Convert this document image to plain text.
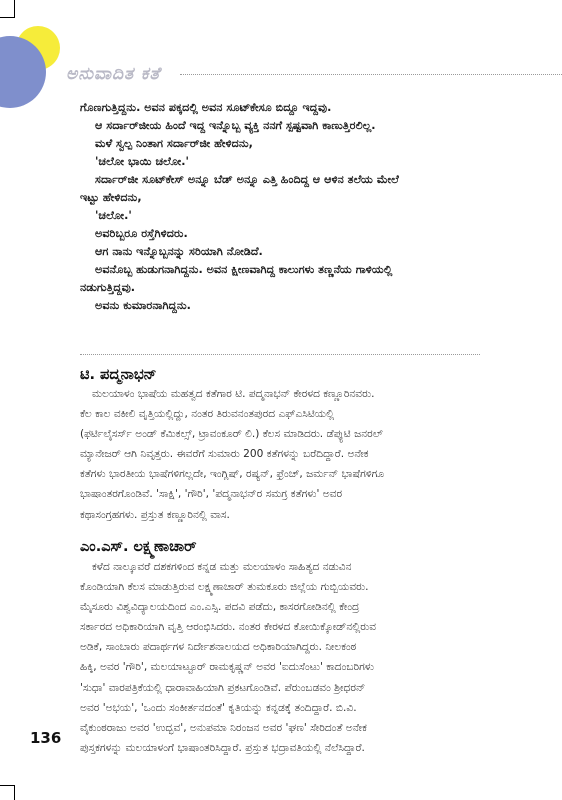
ಅನುವಾದಿತ ಕತೆ

ಗೊಣಗುತ್ತಿದ್ದನು. ಅವನ ಪಕ್ಕದಲ್ಲಿ ಅವನ ಸೂಟ್‍ಕೇಸೂ ಬಿದ್ದೂ ಇದ್ದವು.

ಆ ಸರ್ದಾರ್‌ಜೀಯ ಹಿಂದೆ ಇದ್ದ ಇನ್ನೊಬ್ಬ ವ್ಯಕ್ತಿ ನನಗೆ ಸ್ಪಷ್ಟವಾಗಿ ಕಾಣುತ್ತಿರಲಿಲ್ಲ.

ಮಳೆ ಸ್ವಲ್ಪ ನಿಂತಾಗ ಸರ್ದಾರ್‌ಜೀ ಹೇಳಿದನು,

'ಚಲೋ ಭಾಯಿ ಚಲೋ.'

ಸರ್ದಾರ್‌ಜೀ ಸೂಟ್‍ಕೇಸ್ ಅನ್ನೂ ಬೆಡ್ ಅನ್ನೂ ಎತ್ತಿ ಹಿಂದಿದ್ದ ಆ ಆಳಿನ ತಲೆಯ ಮೇಲೆ

ಇಟ್ಟು ಹೇಳಿದನು,

'ಚಲೋ.'

ಅವರಿಬ್ಬರೂ ರಸ್ತೆಗಿಳಿದರು.

ಆಗ ನಾನು ಇನ್ನೊಬ್ಬನನ್ನು ಸರಿಯಾಗಿ ನೋಡಿದೆ.

ಅವನೊಬ್ಬ ಹುಡುಗನಾಗಿದ್ದನು. ಅವನ ಕ್ಷೀಣವಾಗಿದ್ದ ಕಾಲುಗಳು ತಣ್ಣನೆಯ ಗಾಳಿಯಲ್ಲಿ

ನಡುಗುತ್ತಿದ್ದವು.

ಅವನು ಕುಮಾರನಾಗಿದ್ದನು.

ಟಿ. ಪದ್ಮನಾಭನ್

ಮಲಯಾಳಂ ಭಾಷೆಯ ಮಹತ್ವದ ಕತೆಗಾರ ಟಿ. ಪದ್ಮನಾಭನ್ ಕೇರಳದ ಕಣ್ಣೂರಿನವರು.

ಕೆಲ ಕಾಲ ವಕೀಲಿ ವೃತ್ತಿಯಲ್ಲಿದ್ದು, ನಂತರ ತಿರುವನಂತಪುರದ ಎಫ್‌ಎಸಿಟಿಯಲ್ಲಿ

(ಫರ್ಟಿಲೈಸರ್ಸ್ ಅಂಡ್ ಕೆಮಿಕಲ್ಸ್, ಟ್ರಾವಂಕೂರ್ ಲಿ.) ಕೆಲಸ ಮಾಡಿದರು. ಡೆಪ್ಯುಟಿ ಜನರಲ್

ಮ್ಯಾನೇಜರ್ ಆಗಿ ನಿವೃತ್ತರು. ಈವರೆಗೆ ಸುಮಾರು 200 ಕತೆಗಳನ್ನು ಬರೆದಿದ್ದಾರೆ. ಅನೇಕ

ಕತೆಗಳು ಭಾರತೀಯ ಭಾಷೆಗಳಿಗಲ್ಲದೇ, ಇಂಗ್ಲಿಷ್, ರಷ್ಯನ್, ಫ್ರೆಂಚ್, ಜರ್ಮನ್ ಭಾಷೆಗಳಿಗೂ

ಭಾಷಾಂತರಗೊಂಡಿವೆ. 'ಸಾಕ್ಷಿ', 'ಗೌರಿ', 'ಪದ್ಮನಾಭನ್‌ರ ಸಮಗ್ರ ಕತೆಗಳು' ಅವರ

ಕಥಾಸಂಗ್ರಹಗಳು. ಪ್ರಸ್ತುತ ಕಣ್ಣೂರಿನಲ್ಲಿ ವಾಸ.

ಎಂ.ಎಸ್. ಲಕ್ಷ್ಮಣಾಚಾರ್

ಕಳೆದ ನಾಲ್ಕೂವರೆ ದಶಕಗಳಿಂದ ಕನ್ನಡ ಮತ್ತು ಮಲಯಾಳಂ ಸಾಹಿತ್ಯದ ನಡುವಿನ

ಕೊಂಡಿಯಾಗಿ ಕೆಲಸ ಮಾಡುತ್ತಿರುವ ಲಕ್ಷ್ಮಣಾಚಾರ್ ತುಮಕೂರು ಜಿಲ್ಲೆಯ ಗುಬ್ಬಿಯವರು.

ಮೈಸೂರು ವಿಶ್ವವಿದ್ಯಾಲಯದಿಂದ ಎಂ.ಎಸ್ಸಿ. ಪದವಿ ಪಡೆದು, ಕಾಸರಗೋಡಿನಲ್ಲಿ ಕೇಂದ್ರ

ಸರ್ಕಾರದ ಅಧಿಕಾರಿಯಾಗಿ ವೃತ್ತಿ ಆರಂಭಿಸಿದರು. ನಂತರ ಕೇರಳದ ಕೋಯಿಕ್ಕೋಡ್‌ನಲ್ಲಿರುವ

ಅಡಿಕೆ, ಸಾಂಬಾರು ಪದಾರ್ಥಗಳ ನಿರ್ದೇಶನಾಲಯದ ಅಧಿಕಾರಿಯಾಗಿದ್ದರು. ನೀಲಕಂಠ

ಹಿಕ್ಕಿ, ಅವರ 'ಗೌರಿ', ಮಲಯಾಟ್ಟೂರ್ ರಾಮಕೃಷ್ಣನ್ ಅವರ 'ಐದುಸೆಂಟು' ಕಾದಂಬರಿಗಳು

'ಸುಧಾ' ವಾರಪತ್ರಿಕೆಯಲ್ಲಿ ಧಾರಾವಾಹಿಯಾಗಿ ಪ್ರಕಟಗೊಂಡಿವೆ. ಪೆರುಂಬಡವಂ ಶ್ರೀಧರನ್

ಅವರ 'ಅಭಯ', 'ಒಂದು ಸಂಕೀರ್ತನದಂತೆ' ಕೃತಿಯನ್ನು ಕನ್ನಡಕ್ಕೆ ತಂದಿದ್ದಾರೆ. ಬಿ.ವಿ.

ವೈಕುಂಠರಾಜು ಅವರ 'ಉದ್ಭವ', ಅನುಪಮಾ ನಿರಂಜನ ಅವರ 'ಘಣ' ಸೇರಿದಂತೆ ಅನೇಕ

ಪುಸ್ತಕಗಳನ್ನು ಮಲಯಾಳಂಗೆ ಭಾಷಾಂತರಿಸಿದ್ದಾರೆ. ಪ್ರಸ್ತುತ ಭದ್ರಾವತಿಯಲ್ಲಿ ನೆಲೆಸಿದ್ದಾರೆ.

136
